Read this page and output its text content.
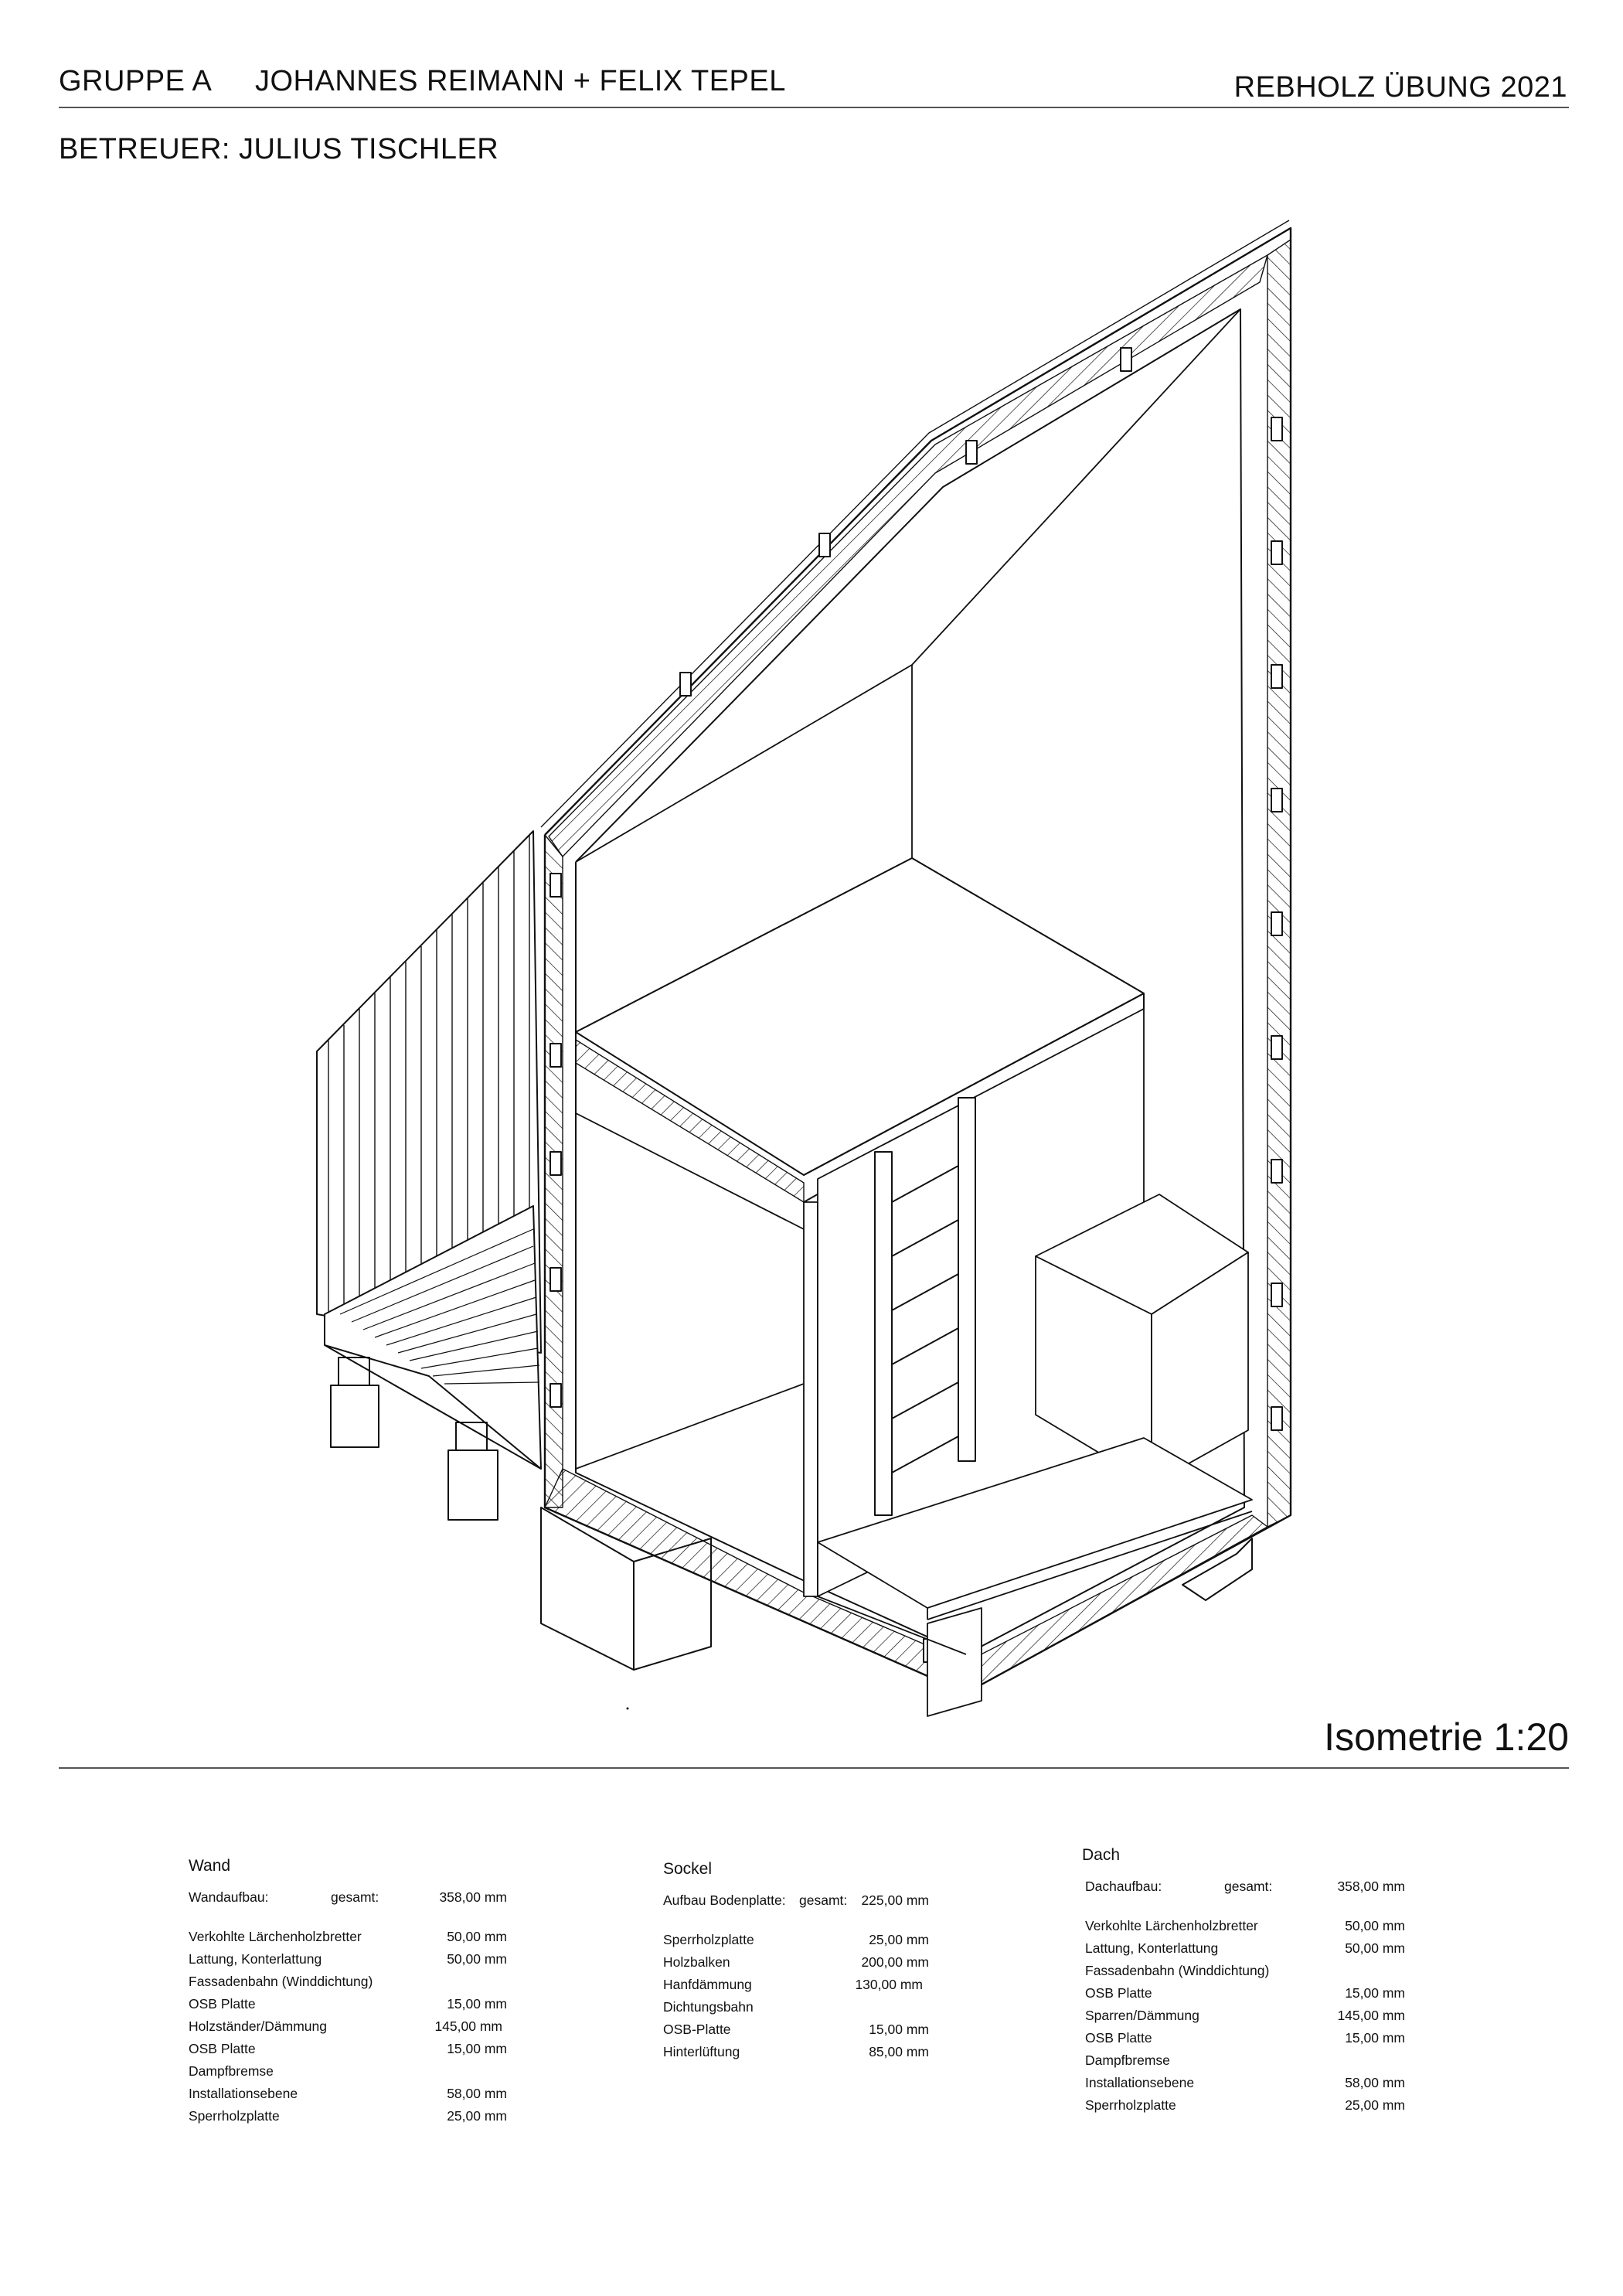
GRUPPE A JOHANNES REIMANN + FELIX TEPEL	REBHOLZ ÜBUNG 2021
BETREUER: JULIUS TISCHLER
Isometrie 1:20
Wand
Wandaufbau:	gesamt:	358,00 mm
Verkohlte Lärchenholzbretter	50,00 mm
Lattung, Konterlattung	50,00 mm
Fassadenbahn (Winddichtung)
OSB Platte	15,00 mm
Holzständer/Dämmung	145,00 mm
OSB Platte	15,00 mm
Dampfbremse
Installationsebene	58,00 mm
Sperrholzplatte	25,00 mm
Sockel
Aufbau Bodenplatte: gesamt: 225,00 mm
Sperrholzplatte	25,00 mm
Holzbalken	200,00 mm
Hanfdämmung	130,00 mm
Dichtungsbahn
OSB-Platte	15,00 mm
Hinterlüftung	85,00 mm
Dach
Dachaufbau:	gesamt:	358,00 mm
Verkohlte Lärchenholzbretter	50,00 mm
Lattung, Konterlattung	50,00 mm
Fassadenbahn (Winddichtung)
OSB Platte	15,00 mm
Sparren/Dämmung	145,00 mm
OSB Platte	15,00 mm
Dampfbremse
Installationsebene	58,00 mm
Sperrholzplatte	25,00 mm
